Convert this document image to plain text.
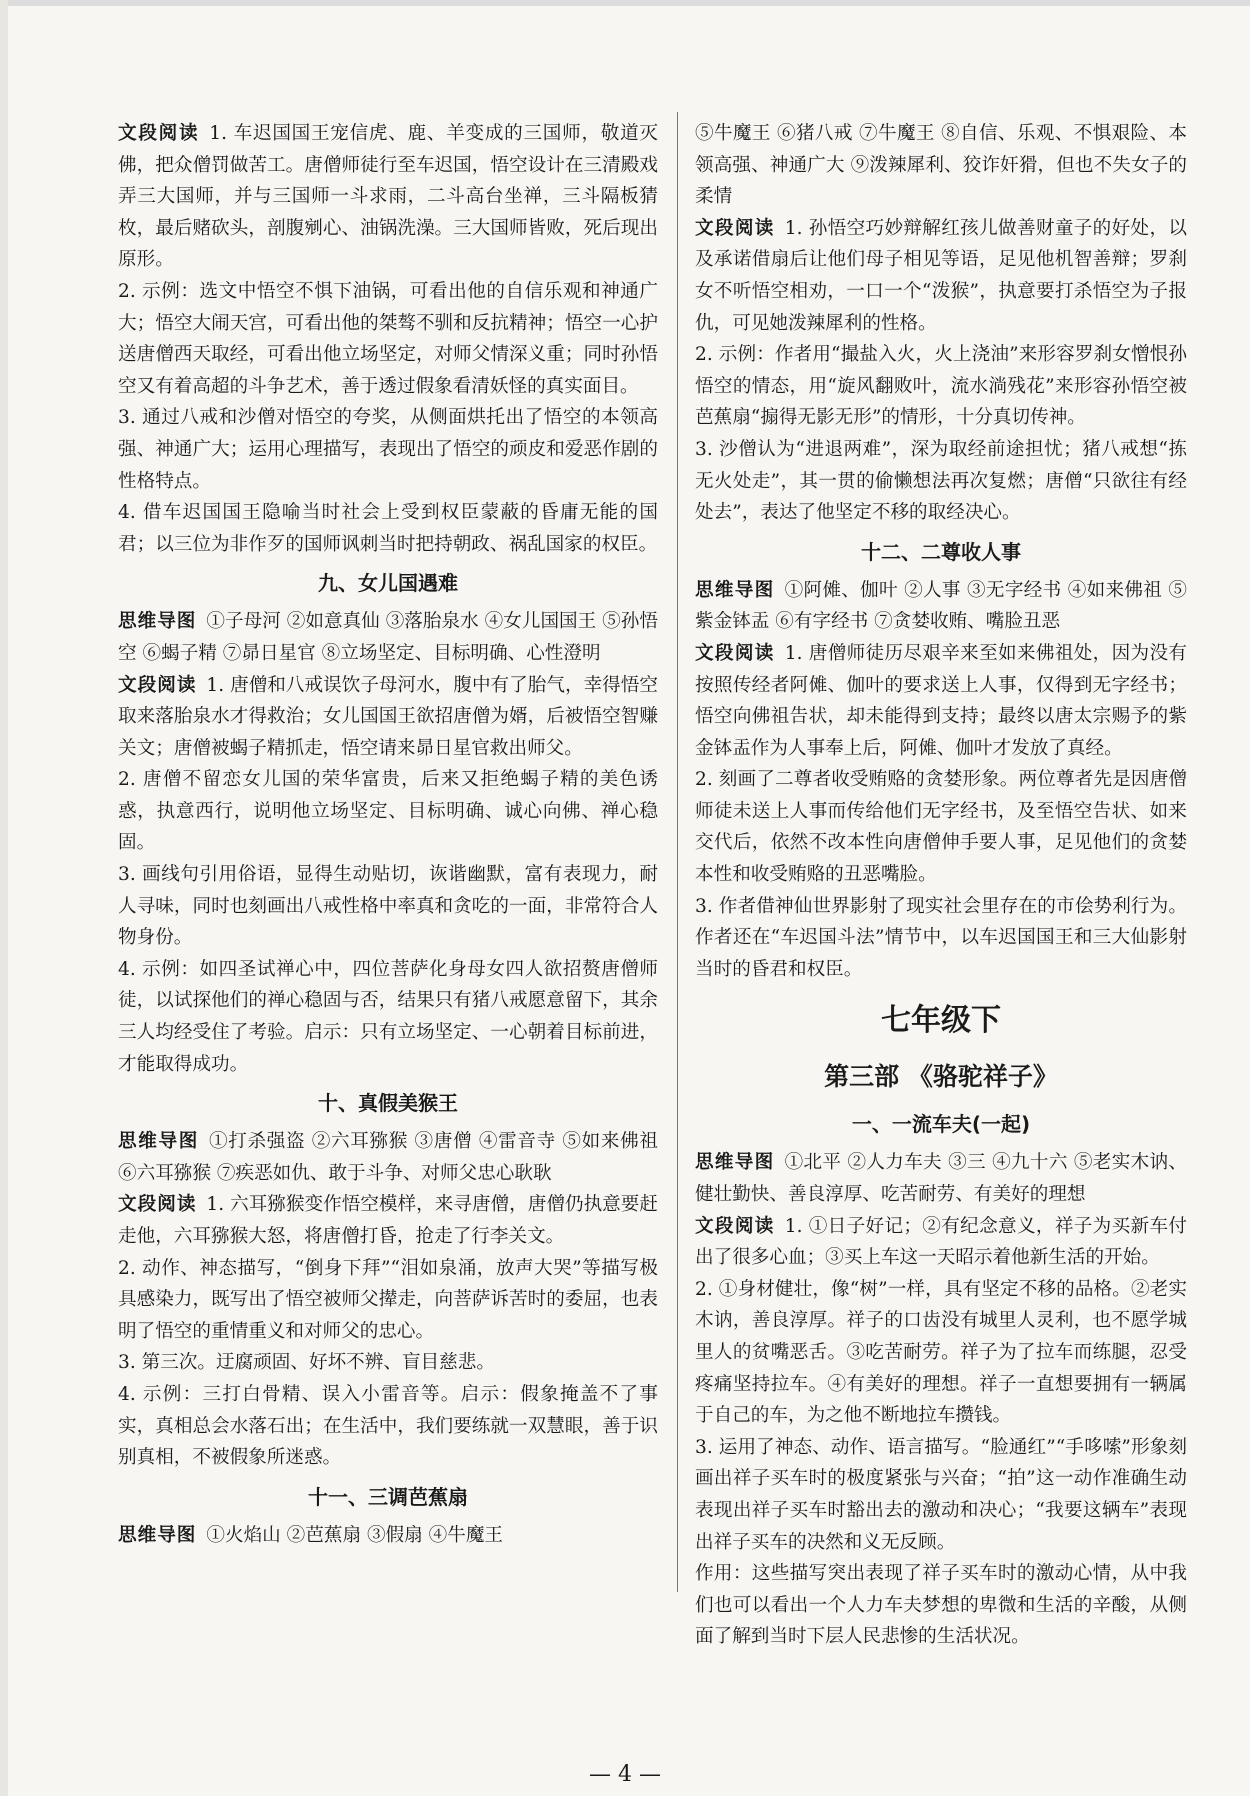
文段阅读 1. 车迟国国王宠信虎、鹿、羊变成的三国师，敬道灭佛，把众僧罚做苦工。唐僧师徒行至车迟国，悟空设计在三清殿戏弄三大国师，并与三国师一斗求雨，二斗高台坐禅，三斗隔板猜枚，最后赌砍头，剖腹剜心、油锅洗澡。三大国师皆败，死后现出原形。

2. 示例：选文中悟空不惧下油锅，可看出他的自信乐观和神通广大；悟空大闹天宫，可看出他的桀骜不驯和反抗精神；悟空一心护送唐僧西天取经，可看出他立场坚定，对师父情深义重；同时孙悟空又有着高超的斗争艺术，善于透过假象看清妖怪的真实面目。

3. 通过八戒和沙僧对悟空的夸奖，从侧面烘托出了悟空的本领高强、神通广大；运用心理描写，表现出了悟空的顽皮和爱恶作剧的性格特点。

4. 借车迟国国王隐喻当时社会上受到权臣蒙蔽的昏庸无能的国君；以三位为非作歹的国师讽刺当时把持朝政、祸乱国家的权臣。

九、女儿国遇难

思维导图 ①子母河 ②如意真仙 ③落胎泉水 ④女儿国国王 ⑤孙悟空 ⑥蝎子精 ⑦昴日星官 ⑧立场坚定、目标明确、心性澄明

文段阅读 1. 唐僧和八戒误饮子母河水，腹中有了胎气，幸得悟空取来落胎泉水才得救治；女儿国国王欲招唐僧为婿，后被悟空智赚关文；唐僧被蝎子精抓走，悟空请来昴日星官救出师父。

2. 唐僧不留恋女儿国的荣华富贵，后来又拒绝蝎子精的美色诱惑，执意西行，说明他立场坚定、目标明确、诚心向佛、禅心稳固。

3. 画线句引用俗语，显得生动贴切，诙谐幽默，富有表现力，耐人寻味，同时也刻画出八戒性格中率真和贪吃的一面，非常符合人物身份。

4. 示例：如四圣试禅心中，四位菩萨化身母女四人欲招赘唐僧师徒，以试探他们的禅心稳固与否，结果只有猪八戒愿意留下，其余三人均经受住了考验。启示：只有立场坚定、一心朝着目标前进，才能取得成功。

十、真假美猴王

思维导图 ①打杀强盗 ②六耳猕猴 ③唐僧 ④雷音寺 ⑤如来佛祖 ⑥六耳猕猴 ⑦疾恶如仇、敢于斗争、对师父忠心耿耿

文段阅读 1. 六耳猕猴变作悟空模样，来寻唐僧，唐僧仍执意要赶走他，六耳猕猴大怒，将唐僧打昏，抢走了行李关文。

2. 动作、神态描写，“倒身下拜”“泪如泉涌，放声大哭”等描写极具感染力，既写出了悟空被师父撵走，向菩萨诉苦时的委屈，也表明了悟空的重情重义和对师父的忠心。

3. 第三次。迂腐顽固、好坏不辨、盲目慈悲。

4. 示例：三打白骨精、误入小雷音等。启示：假象掩盖不了事实，真相总会水落石出；在生活中，我们要练就一双慧眼，善于识别真相，不被假象所迷惑。

十一、三调芭蕉扇

思维导图 ①火焰山 ②芭蕉扇 ③假扇 ④牛魔王

⑤牛魔王 ⑥猪八戒 ⑦牛魔王 ⑧自信、乐观、不惧艰险、本领高强、神通广大 ⑨泼辣犀利、狡诈奸猾，但也不失女子的柔情

文段阅读 1. 孙悟空巧妙辩解红孩儿做善财童子的好处，以及承诺借扇后让他们母子相见等语，足见他机智善辩；罗刹女不听悟空相劝，一口一个“泼猴”，执意要打杀悟空为子报仇，可见她泼辣犀利的性格。

2. 示例：作者用“撮盐入火，火上浇油”来形容罗刹女憎恨孙悟空的情态，用“旋风翻败叶，流水淌残花”来形容孙悟空被芭蕉扇“搧得无影无形”的情形，十分真切传神。

3. 沙僧认为“进退两难”，深为取经前途担忧；猪八戒想“拣无火处走”，其一贯的偷懒想法再次复燃；唐僧“只欲往有经处去”，表达了他坚定不移的取经决心。

十二、二尊收人事

思维导图 ①阿傩、伽叶 ②人事 ③无字经书 ④如来佛祖 ⑤紫金钵盂 ⑥有字经书 ⑦贪婪收贿、嘴脸丑恶

文段阅读 1. 唐僧师徒历尽艰辛来至如来佛祖处，因为没有按照传经者阿傩、伽叶的要求送上人事，仅得到无字经书；悟空向佛祖告状，却未能得到支持；最终以唐太宗赐予的紫金钵盂作为人事奉上后，阿傩、伽叶才发放了真经。

2. 刻画了二尊者收受贿赂的贪婪形象。两位尊者先是因唐僧师徒未送上人事而传给他们无字经书，及至悟空告状、如来交代后，依然不改本性向唐僧伸手要人事，足见他们的贪婪本性和收受贿赂的丑恶嘴脸。

3. 作者借神仙世界影射了现实社会里存在的市侩势利行为。作者还在“车迟国斗法”情节中，以车迟国国王和三大仙影射当时的昏君和权臣。

七年级下
第三部 《骆驼祥子》
一、一流车夫(一起)

思维导图 ①北平 ②人力车夫 ③三 ④九十六 ⑤老实木讷、健壮勤快、善良淳厚、吃苦耐劳、有美好的理想

文段阅读 1. ①日子好记；②有纪念意义，祥子为买新车付出了很多心血；③买上车这一天昭示着他新生活的开始。

2. ①身材健壮，像“树”一样，具有坚定不移的品格。②老实木讷，善良淳厚。祥子的口齿没有城里人灵利，也不愿学城里人的贫嘴恶舌。③吃苦耐劳。祥子为了拉车而练腿，忍受疼痛坚持拉车。④有美好的理想。祥子一直想要拥有一辆属于自己的车，为之他不断地拉车攒钱。

3. 运用了神态、动作、语言描写。“脸通红”“手哆嗦”形象刻画出祥子买车时的极度紧张与兴奋；“拍”这一动作准确生动表现出祥子买车时豁出去的激动和决心；“我要这辆车”表现出祥子买车的决然和义无反顾。

作用：这些描写突出表现了祥子买车时的激动心情，从中我们也可以看出一个人力车夫梦想的卑微和生活的辛酸，从侧面了解到当时下层人民悲惨的生活状况。

— 4 —
